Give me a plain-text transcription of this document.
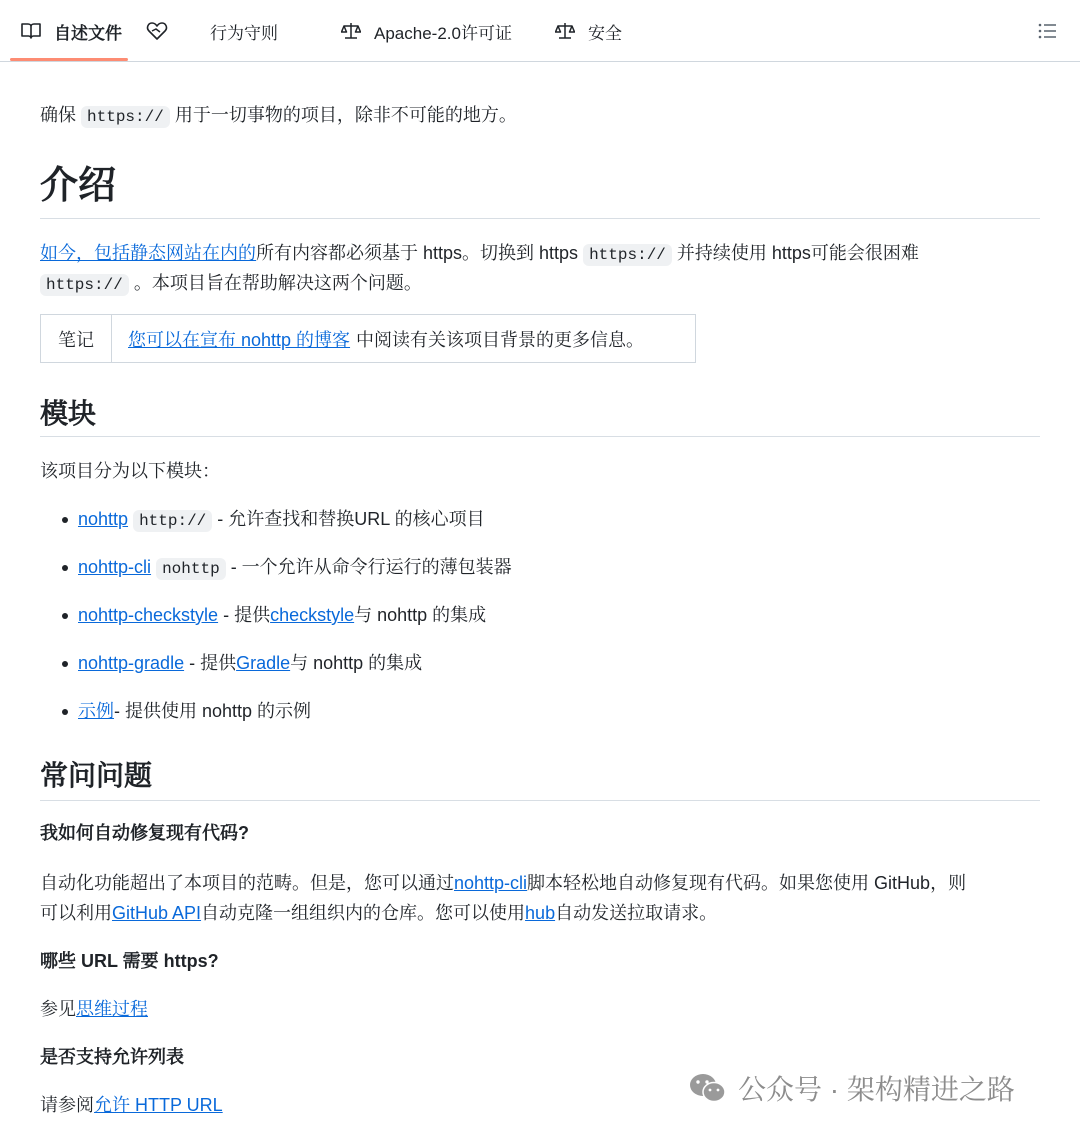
自述文件	行为守则	Apache-2.0许可证	安全
确保 https:// 用于一切事物的项目，除非不可能的地方。
介绍
如今，包括静态网站在内的所有内容都必须基于 https。切换到 https https:// 并持续使用 https可能会很困难
https:// 。本项目旨在帮助解决这两个问题。
笔记	您可以在宣布 nohttp 的博客 中阅读有关该项目背景的更多信息。
模块
该项目分为以下模块：
nohttp http:// - 允许查找和替换URL 的核心项目
nohttp-cli nohttp - 一个允许从命令行运行的薄包装器
nohttp-checkstyle - 提供checkstyle与 nohttp 的集成
nohttp-gradle - 提供Gradle与 nohttp 的集成
示例- 提供使用 nohttp 的示例
常问问题
我如何自动修复现有代码?
自动化功能超出了本项目的范畴。但是，您可以通过nohttp-cli脚本轻松地自动修复现有代码。如果您使用 GitHub，则
可以利用GitHub API自动克隆一组组织内的仓库。您可以使用hub自动发送拉取请求。
哪些 URL 需要 https?
参见思维过程
是否支持允许列表
请参阅允许 HTTP URL	公众号 · 架构精进之路
